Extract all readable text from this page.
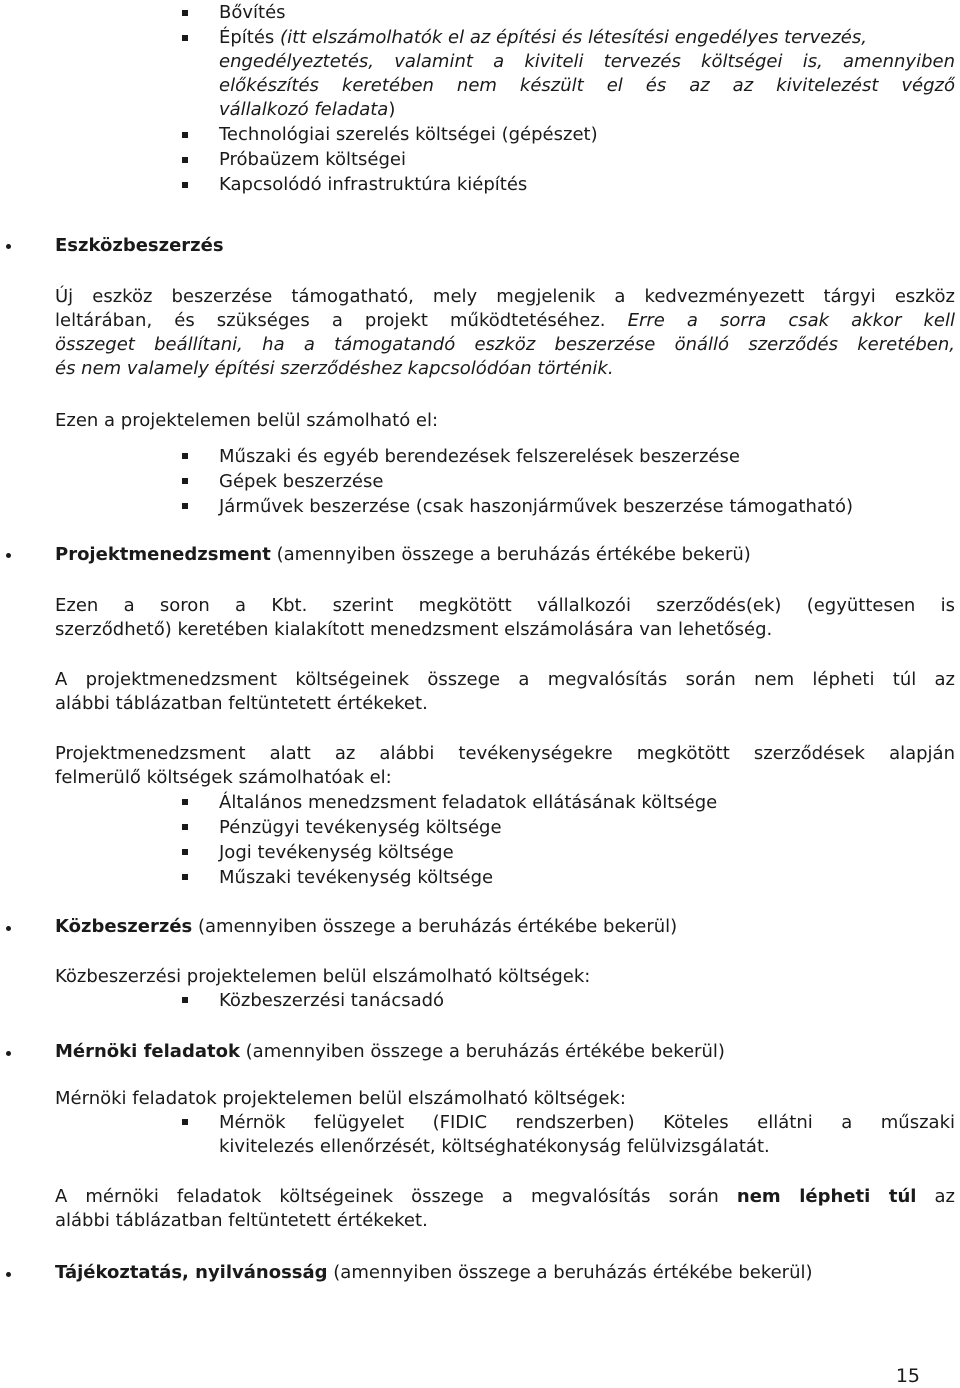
Bővítés
Építés (itt elszámolhatók el az építési és létesítési engedélyes tervezés,
engedélyeztetés, valamint a kiviteli tervezés költségei is, amennyiben
előkészítés keretében nem készült el és az az kivitelezést végző
vállalkozó feladata)
Technológiai szerelés költségei (gépészet)
Próbaüzem költségei
Kapcsolódó infrastruktúra kiépítés
Eszközbeszerzés
Új eszköz beszerzése támogatható, mely megjelenik a kedvezményezett tárgyi eszköz
leltárában, és szükséges a projekt működtetéséhez. Erre a sorra csak akkor kell
összeget beállítani, ha a támogatandó eszköz beszerzése önálló szerződés keretében,
és nem valamely építési szerződéshez kapcsolódóan történik.
Ezen a projektelemen belül számolható el:
Műszaki és egyéb berendezések felszerelések beszerzése
Gépek beszerzése
Járművek beszerzése (csak haszonjárművek beszerzése támogatható)
Projektmenedzsment (amennyiben összege a beruházás értékébe bekerü)
Ezen a soron a Kbt. szerint megkötött vállalkozói szerződés(ek) (együttesen is
szerződhető) keretében kialakított menedzsment elszámolására van lehetőség.
A projektmenedzsment költségeinek összege a megvalósítás során nem lépheti túl az
alábbi táblázatban feltüntetett értékeket.
Projektmenedzsment alatt az alábbi tevékenységekre megkötött szerződések alapján
felmerülő költségek számolhatóak el:
Általános menedzsment feladatok ellátásának költsége
Pénzügyi tevékenység költsége
Jogi tevékenység költsége
Műszaki tevékenység költsége
Közbeszerzés (amennyiben összege a beruházás értékébe bekerül)
Közbeszerzési projektelemen belül elszámolható költségek:
Közbeszerzési tanácsadó
Mérnöki feladatok (amennyiben összege a beruházás értékébe bekerül)
Mérnöki feladatok projektelemen belül elszámolható költségek:
Mérnök felügyelet (FIDIC rendszerben) Köteles ellátni a műszaki
kivitelezés ellenőrzését, költséghatékonyság felülvizsgálatát.
A mérnöki feladatok költségeinek összege a megvalósítás során nem lépheti túl az
alábbi táblázatban feltüntetett értékeket.
Tájékoztatás, nyilvánosság (amennyiben összege a beruházás értékébe bekerül)
15
